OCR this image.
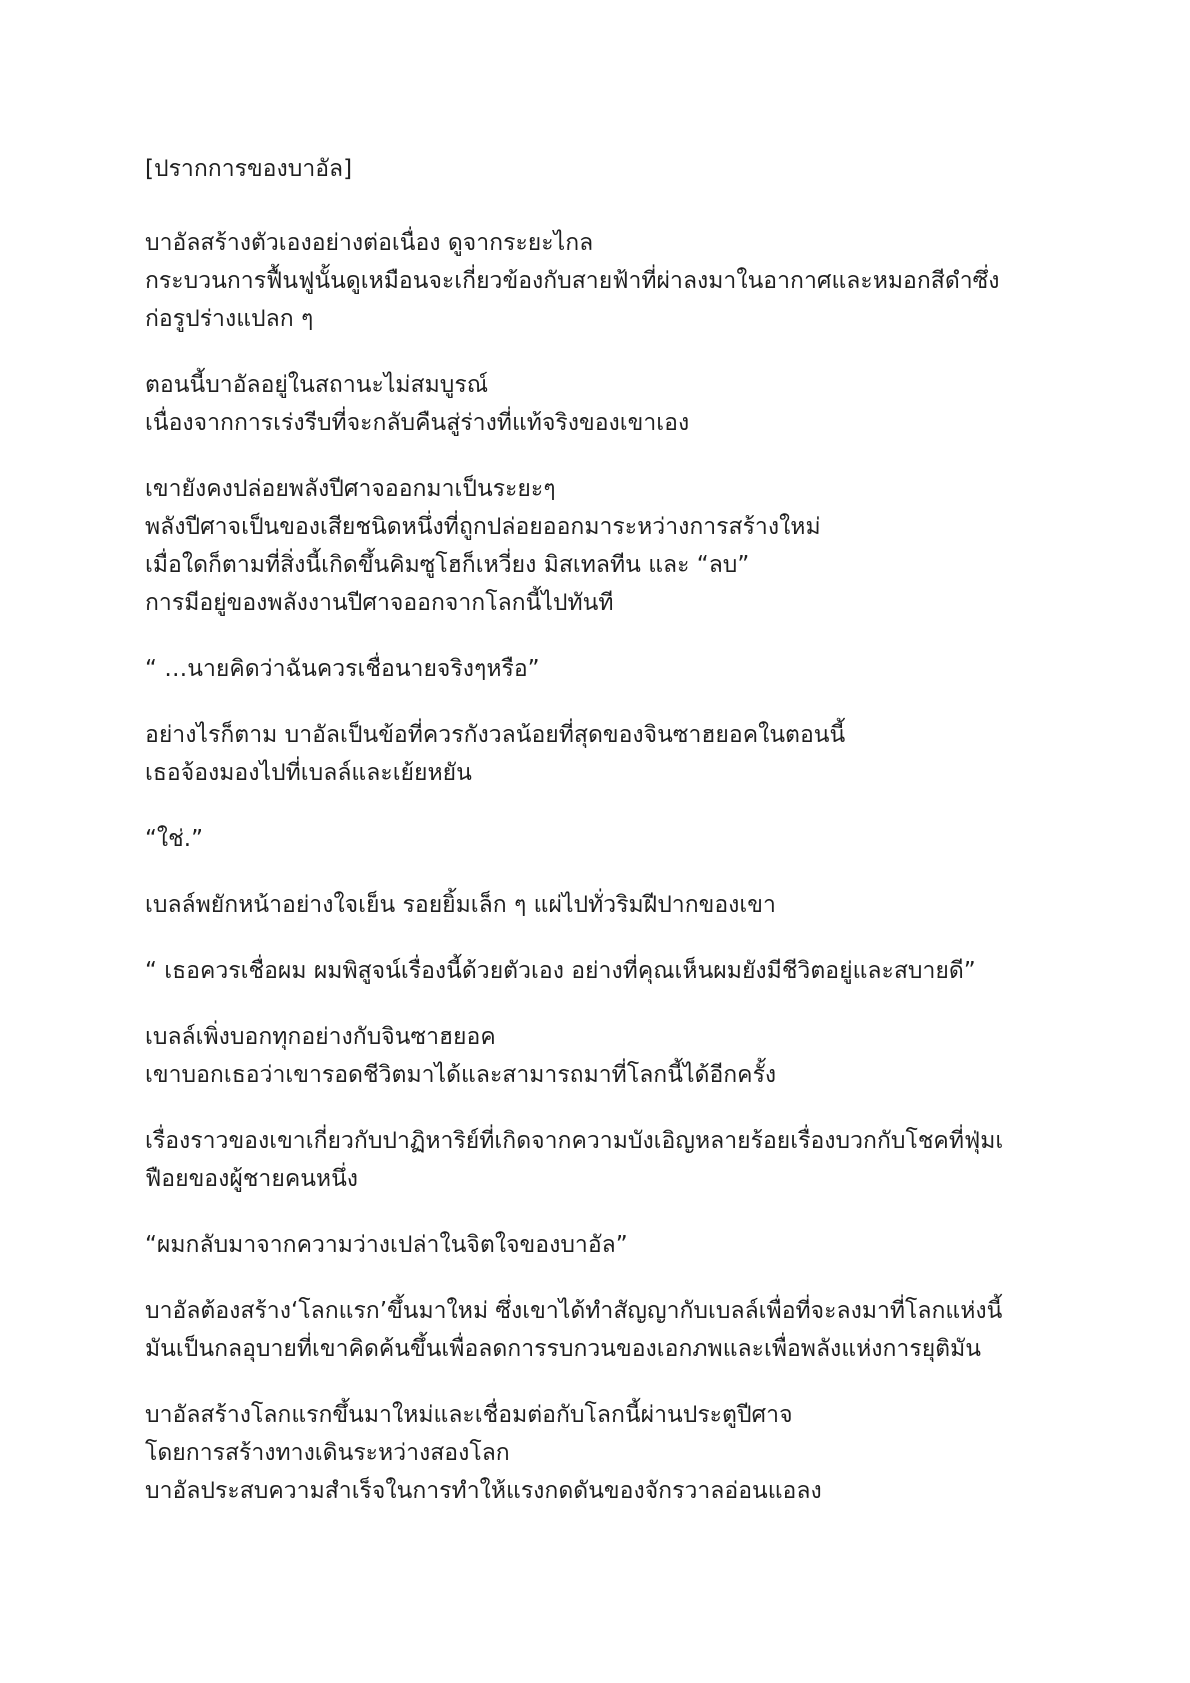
[ปรากการของบาอัล]
บาอัลสร้างตัวเองอย่างต่อเนื่อง ดูจากระยะไกล
กระบวนการฟื้นฟูนั้นดูเหมือนจะเกี่ยวข้องกับสายฟ้าที่ผ่าลงมาในอากาศและหมอกสีดำซึ่ง
ก่อรูปร่างแปลก ๆ
ตอนนี้บาอัลอยู่ในสถานะไม่สมบูรณ์
เนื่องจากการเร่งรีบที่จะกลับคืนสู่ร่างที่แท้จริงของเขาเอง
เขายังคงปล่อยพลังปีศาจออกมาเป็นระยะๆ
พลังปีศาจเป็นของเสียชนิดหนึ่งที่ถูกปล่อยออกมาระหว่างการสร้างใหม่
เมื่อใดก็ตามที่สิ่งนี้เกิดขึ้นคิมซูโฮก็เหวี่ยง มิสเทลทีน และ “ลบ”
การมีอยู่ของพลังงานปีศาจออกจากโลกนี้ไปทันที
“ …นายคิดว่าฉันควรเชื่อนายจริงๆหรือ”
อย่างไรก็ตาม บาอัลเป็นข้อที่ควรกังวลน้อยที่สุดของจินซาฮยอคในตอนนี้
เธอจ้องมองไปที่เบลล์และเย้ยหยัน
“ใช่.”
เบลล์พยักหน้าอย่างใจเย็น รอยยิ้มเล็ก ๆ แผ่ไปทั่วริมฝีปากของเขา
“ เธอควรเชื่อผม ผมพิสูจน์เรื่องนี้ด้วยตัวเอง อย่างที่คุณเห็นผมยังมีชีวิตอยู่และสบายดี”
เบลล์เพิ่งบอกทุกอย่างกับจินซาฮยอค
เขาบอกเธอว่าเขารอดชีวิตมาได้และสามารถมาที่โลกนี้ได้อีกครั้ง
เรื่องราวของเขาเกี่ยวกับปาฏิหาริย์ที่เกิดจากความบังเอิญหลายร้อยเรื่องบวกกับโชคที่ฟุ่มเ
ฟือยของผู้ชายคนหนึ่ง
“ผมกลับมาจากความว่างเปล่าในจิตใจของบาอัล”
บาอัลต้องสร้าง‘โลกแรก’ขึ้นมาใหม่ ซึ่งเขาได้ทำสัญญากับเบลล์เพื่อที่จะลงมาที่โลกแห่งนี้
มันเป็นกลอุบายที่เขาคิดค้นขึ้นเพื่อลดการรบกวนของเอกภพและเพื่อพลังแห่งการยุติมัน
บาอัลสร้างโลกแรกขึ้นมาใหม่และเชื่อมต่อกับโลกนี้ผ่านประตูปีศาจ
โดยการสร้างทางเดินระหว่างสองโลก
บาอัลประสบความสำเร็จในการทำให้แรงกดดันของจักรวาลอ่อนแอลง
